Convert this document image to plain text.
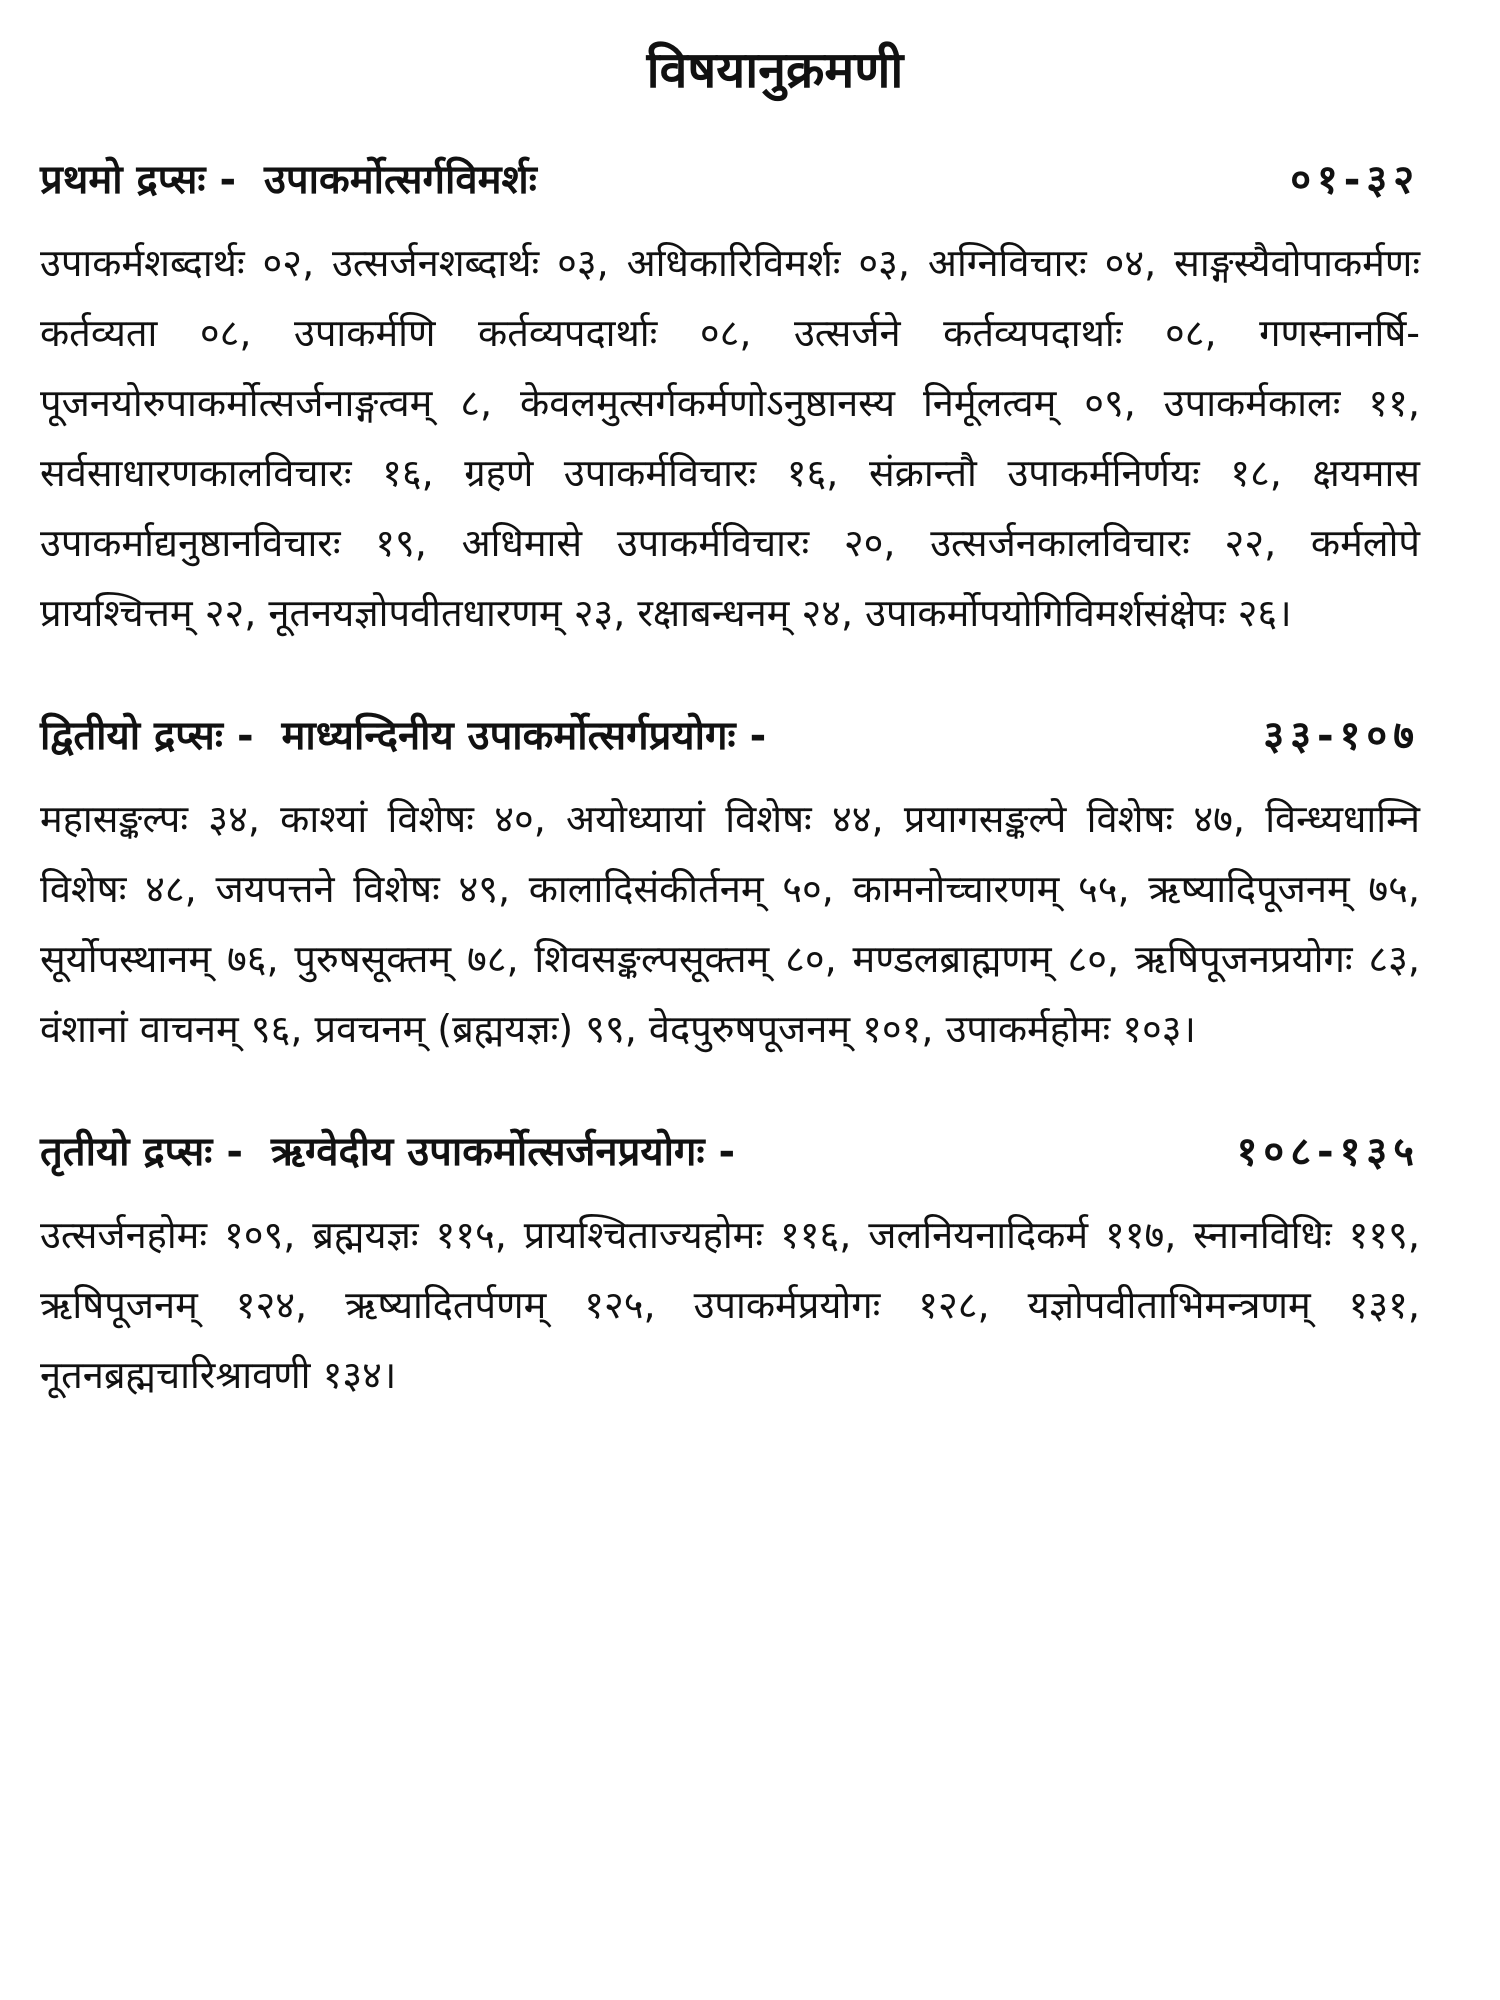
विषयानुक्रमणी
प्रथमो द्रप्सः - उपाकर्मोत्सर्गविमर्शः	०१-३२
उपाकर्मशब्दार्थः ०२, उत्सर्जनशब्दार्थः ०३, अधिकारिविमर्शः ०३, अग्निविचारः ०४, साङ्गस्यैवोपाकर्मणः कर्तव्यता ०८, उपाकर्मणि कर्तव्यपदार्थाः ०८, उत्सर्जने कर्तव्यपदार्थाः ०८, गणस्नानर्षि-पूजनयोरुपाकर्मोत्सर्जनाङ्गत्वम् ८, केवलमुत्सर्गकर्मणोऽनुष्ठानस्य निर्मूलत्वम् ०९, उपाकर्मकालः ११, सर्वसाधारणकालविचारः १६, ग्रहणे उपाकर्मविचारः १६, संक्रान्तौ उपाकर्मनिर्णयः १८, क्षयमास उपाकर्माद्यनुष्ठानविचारः १९, अधिमासे उपाकर्मविचारः २०, उत्सर्जनकालविचारः २२, कर्मलोपे प्रायश्चित्तम् २२, नूतनयज्ञोपवीतधारणम् २३, रक्षाबन्धनम् २४, उपाकर्मोपयोगिविमर्शसंक्षेपः २६।
द्वितीयो द्रप्सः - माध्यन्दिनीय उपाकर्मोत्सर्गप्रयोगः -	३३-१०७
महासङ्कल्पः ३४, काश्यां विशेषः ४०, अयोध्यायां विशेषः ४४, प्रयागसङ्कल्पे विशेषः ४७, विन्ध्यधाम्नि विशेषः ४८, जयपत्तने विशेषः ४९, कालादिसंकीर्तनम् ५०, कामनोच्चारणम् ५५, ऋष्यादिपूजनम् ७५, सूर्योपस्थानम् ७६, पुरुषसूक्तम् ७८, शिवसङ्कल्पसूक्तम् ८०, मण्डलब्राह्मणम् ८०, ऋषिपूजनप्रयोगः ८३, वंशानां वाचनम् ९६, प्रवचनम् (ब्रह्मयज्ञः) ९९, वेदपुरुषपूजनम् १०१, उपाकर्महोमः १०३।
तृतीयो द्रप्सः - ऋग्वेदीय उपाकर्मोत्सर्जनप्रयोगः -	१०८-१३५
उत्सर्जनहोमः १०९, ब्रह्मयज्ञः ११५, प्रायश्चिताज्यहोमः ११६, जलनियनादिकर्म ११७, स्नानविधिः ११९, ऋषिपूजनम् १२४, ऋष्यादितर्पणम् १२५, उपाकर्मप्रयोगः १२८, यज्ञोपवीताभिमन्त्रणम् १३१, नूतनब्रह्मचारिश्रावणी १३४।
